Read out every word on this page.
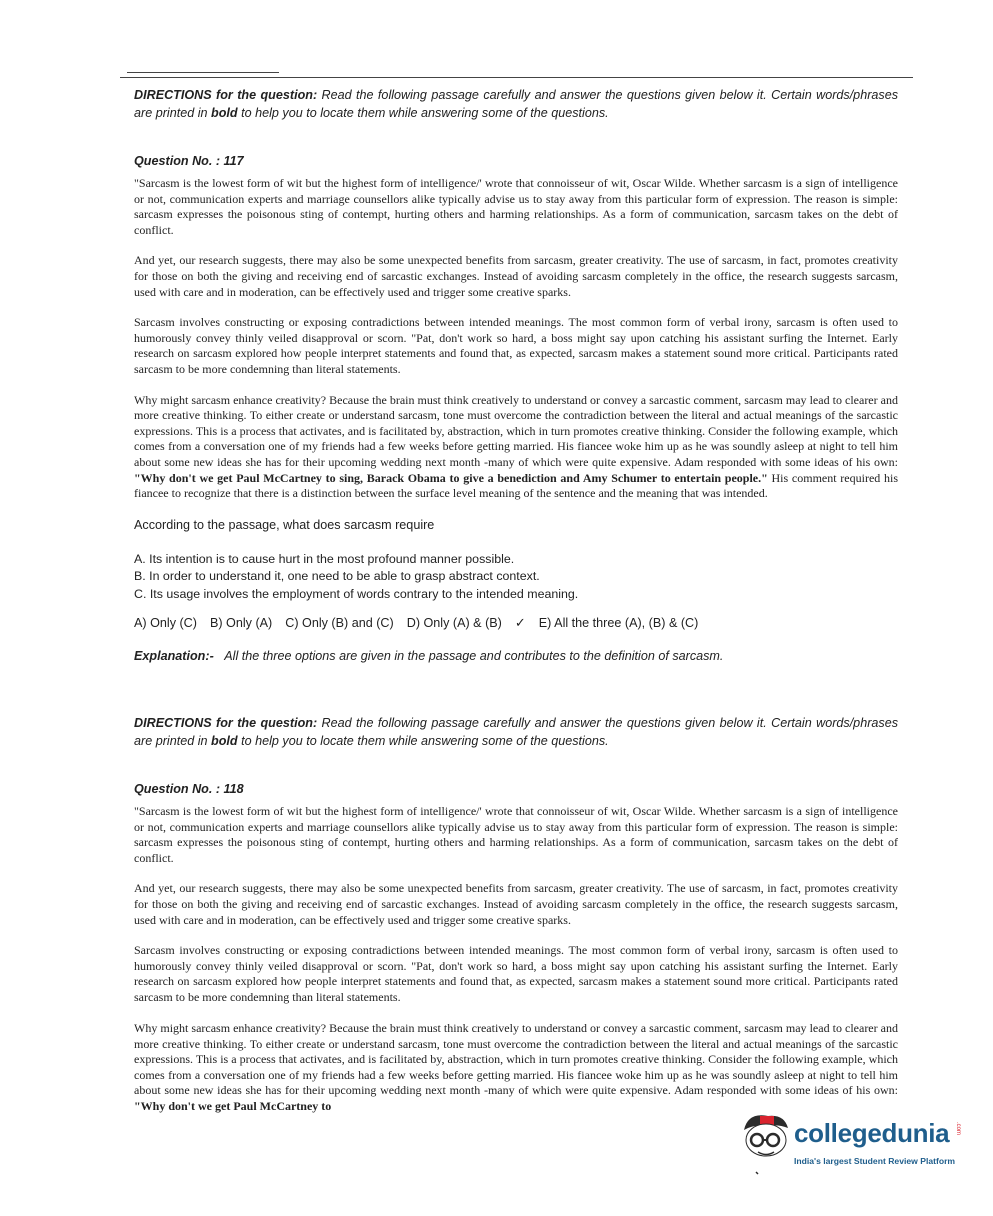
DIRECTIONS for the question: Read the following passage carefully and answer the questions given below it. Certain words/phrases are printed in bold to help you to locate them while answering some of the questions.

Question No. : 117

"Sarcasm is the lowest form of wit but the highest form of intelligence/' wrote that connoisseur of wit, Oscar Wilde. Whether sarcasm is a sign of intelligence or not, communication experts and marriage counsellors alike typically advise us to stay away from this particular form of expression. The reason is simple: sarcasm expresses the poisonous sting of contempt, hurting others and harming relationships. As a form of communication, sarcasm takes on the debt of conflict.

And yet, our research suggests, there may also be some unexpected benefits from sarcasm, greater creativity. The use of sarcasm, in fact, promotes creativity for those on both the giving and receiving end of sarcastic exchanges. Instead of avoiding sarcasm completely in the office, the research suggests sarcasm, used with care and in moderation, can be effectively used and trigger some creative sparks.

Sarcasm involves constructing or exposing contradictions between intended meanings. The most common form of verbal irony, sarcasm is often used to humorously convey thinly veiled disapproval or scorn. "Pat, don't work so hard, a boss might say upon catching his assistant surfing the Internet. Early research on sarcasm explored how people interpret statements and found that, as expected, sarcasm makes a statement sound more critical. Participants rated sarcasm to be more condemning than literal statements.

Why might sarcasm enhance creativity? Because the brain must think creatively to understand or convey a sarcastic comment, sarcasm may lead to clearer and more creative thinking. To either create or understand sarcasm, tone must overcome the contradiction between the literal and actual meanings of the sarcastic expressions. This is a process that activates, and is facilitated by, abstraction, which in turn promotes creative thinking. Consider the following example, which comes from a conversation one of my friends had a few weeks before getting married. His fiancee woke him up as he was soundly asleep at night to tell him about some new ideas she has for their upcoming wedding next month -many of which were quite expensive. Adam responded with some ideas of his own: "Why don't we get Paul McCartney to sing, Barack Obama to give a benediction and Amy Schumer to entertain people." His comment required his fiancee to recognize that there is a distinction between the surface level meaning of the sentence and the meaning that was intended.

According to the passage, what does sarcasm require

A. Its intention is to cause hurt in the most profound manner possible.

B. In order to understand it, one need to be able to grasp abstract context.

C. Its usage involves the employment of words contrary to the intended meaning.

A) Only (C) B) Only (A) C) Only (B) and (C) D) Only (A) & (B) ✓ E) All the three (A), (B) & (C)

Explanation:- All the three options are given in the passage and contributes to the definition of sarcasm.

DIRECTIONS for the question: Read the following passage carefully and answer the questions given below it. Certain words/phrases are printed in bold to help you to locate them while answering some of the questions.

Question No. : 118

"Sarcasm is the lowest form of wit but the highest form of intelligence/' wrote that connoisseur of wit, Oscar Wilde. Whether sarcasm is a sign of intelligence or not, communication experts and marriage counsellors alike typically advise us to stay away from this particular form of expression. The reason is simple: sarcasm expresses the poisonous sting of contempt, hurting others and harming relationships. As a form of communication, sarcasm takes on the debt of conflict.

And yet, our research suggests, there may also be some unexpected benefits from sarcasm, greater creativity. The use of sarcasm, in fact, promotes creativity for those on both the giving and receiving end of sarcastic exchanges. Instead of avoiding sarcasm completely in the office, the research suggests sarcasm, used with care and in moderation, can be effectively used and trigger some creative sparks.

Sarcasm involves constructing or exposing contradictions between intended meanings. The most common form of verbal irony, sarcasm is often used to humorously convey thinly veiled disapproval or scorn. "Pat, don't work so hard, a boss might say upon catching his assistant surfing the Internet. Early research on sarcasm explored how people interpret statements and found that, as expected, sarcasm makes a statement sound more critical. Participants rated sarcasm to be more condemning than literal statements.

Why might sarcasm enhance creativity? Because the brain must think creatively to understand or convey a sarcastic comment, sarcasm may lead to clearer and more creative thinking. To either create or understand sarcasm, tone must overcome the contradiction between the literal and actual meanings of the sarcastic expressions. This is a process that activates, and is facilitated by, abstraction, which in turn promotes creative thinking. Consider the following example, which comes from a conversation one of my friends had a few weeks before getting married. His fiancee woke him up as he was soundly asleep at night to tell him about some new ideas she has for their upcoming wedding next month -many of which were quite expensive. Adam responded with some ideas of his own: "Why don't we get Paul McCartney to

collegedunia .com
India's largest Student Review Platform
